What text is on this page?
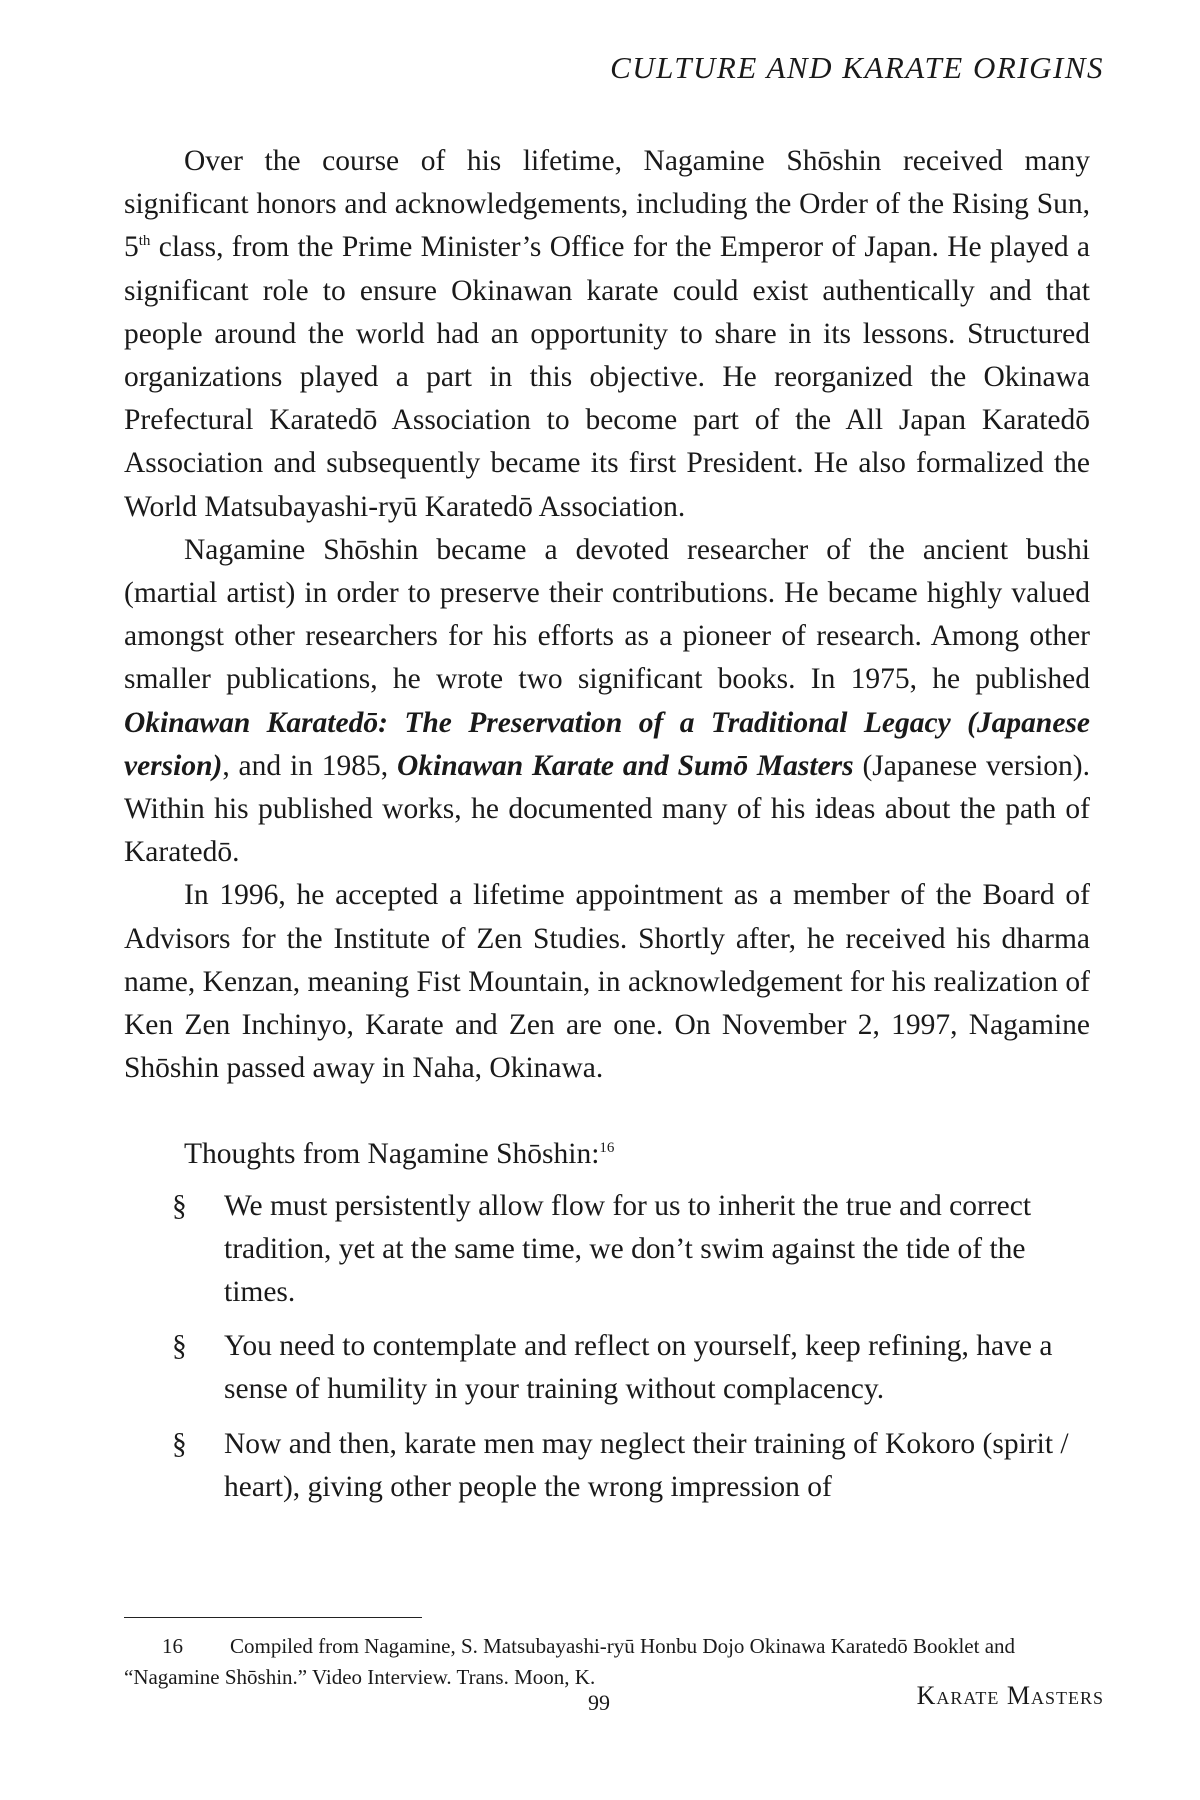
CULTURE AND KARATE ORIGINS

Over the course of his lifetime, Nagamine Shōshin received many significant honors and acknowledgements, including the Order of the Rising Sun, 5th class, from the Prime Minister’s Office for the Emperor of Japan. He played a significant role to ensure Okinawan karate could exist authentically and that people around the world had an opportunity to share in its lessons. Structured organizations played a part in this objective. He reorganized the Okinawa Prefectural Karatedō Association to become part of the All Japan Karatedō Association and subsequently became its first President. He also formalized the World Matsubayashi-ryū Karatedō Association.

Nagamine Shōshin became a devoted researcher of the ancient bushi (martial artist) in order to preserve their contributions. He became highly valued amongst other researchers for his efforts as a pioneer of research. Among other smaller publications, he wrote two significant books. In 1975, he published Okinawan Karatedō: The Preservation of a Traditional Legacy (Japanese version), and in 1985, Okinawan Karate and Sumō Masters (Japanese version). Within his published works, he documented many of his ideas about the path of Karatedō.

In 1996, he accepted a lifetime appointment as a member of the Board of Advisors for the Institute of Zen Studies. Shortly after, he received his dharma name, Kenzan, meaning Fist Mountain, in acknowledgement for his realization of Ken Zen Inchinyo, Karate and Zen are one. On November 2, 1997, Nagamine Shōshin passed away in Naha, Okinawa.

Thoughts from Nagamine Shōshin:$^{16}$

§ We must persistently allow flow for us to inherit the true and correct tradition, yet at the same time, we don’t swim against the tide of the times.
§ You need to contemplate and reflect on yourself, keep refining, have a sense of humility in your training without complacency.
§ Now and then, karate men may neglect their training of Kokoro (spirit / heart), giving other people the wrong impression of
16 Compiled from Nagamine, S. Matsubayashi-ryū Honbu Dojo Okinawa Karatedō Booklet and “Nagamine Shōshin.” Video Interview. Trans. Moon, K.
99	Karate Masters
